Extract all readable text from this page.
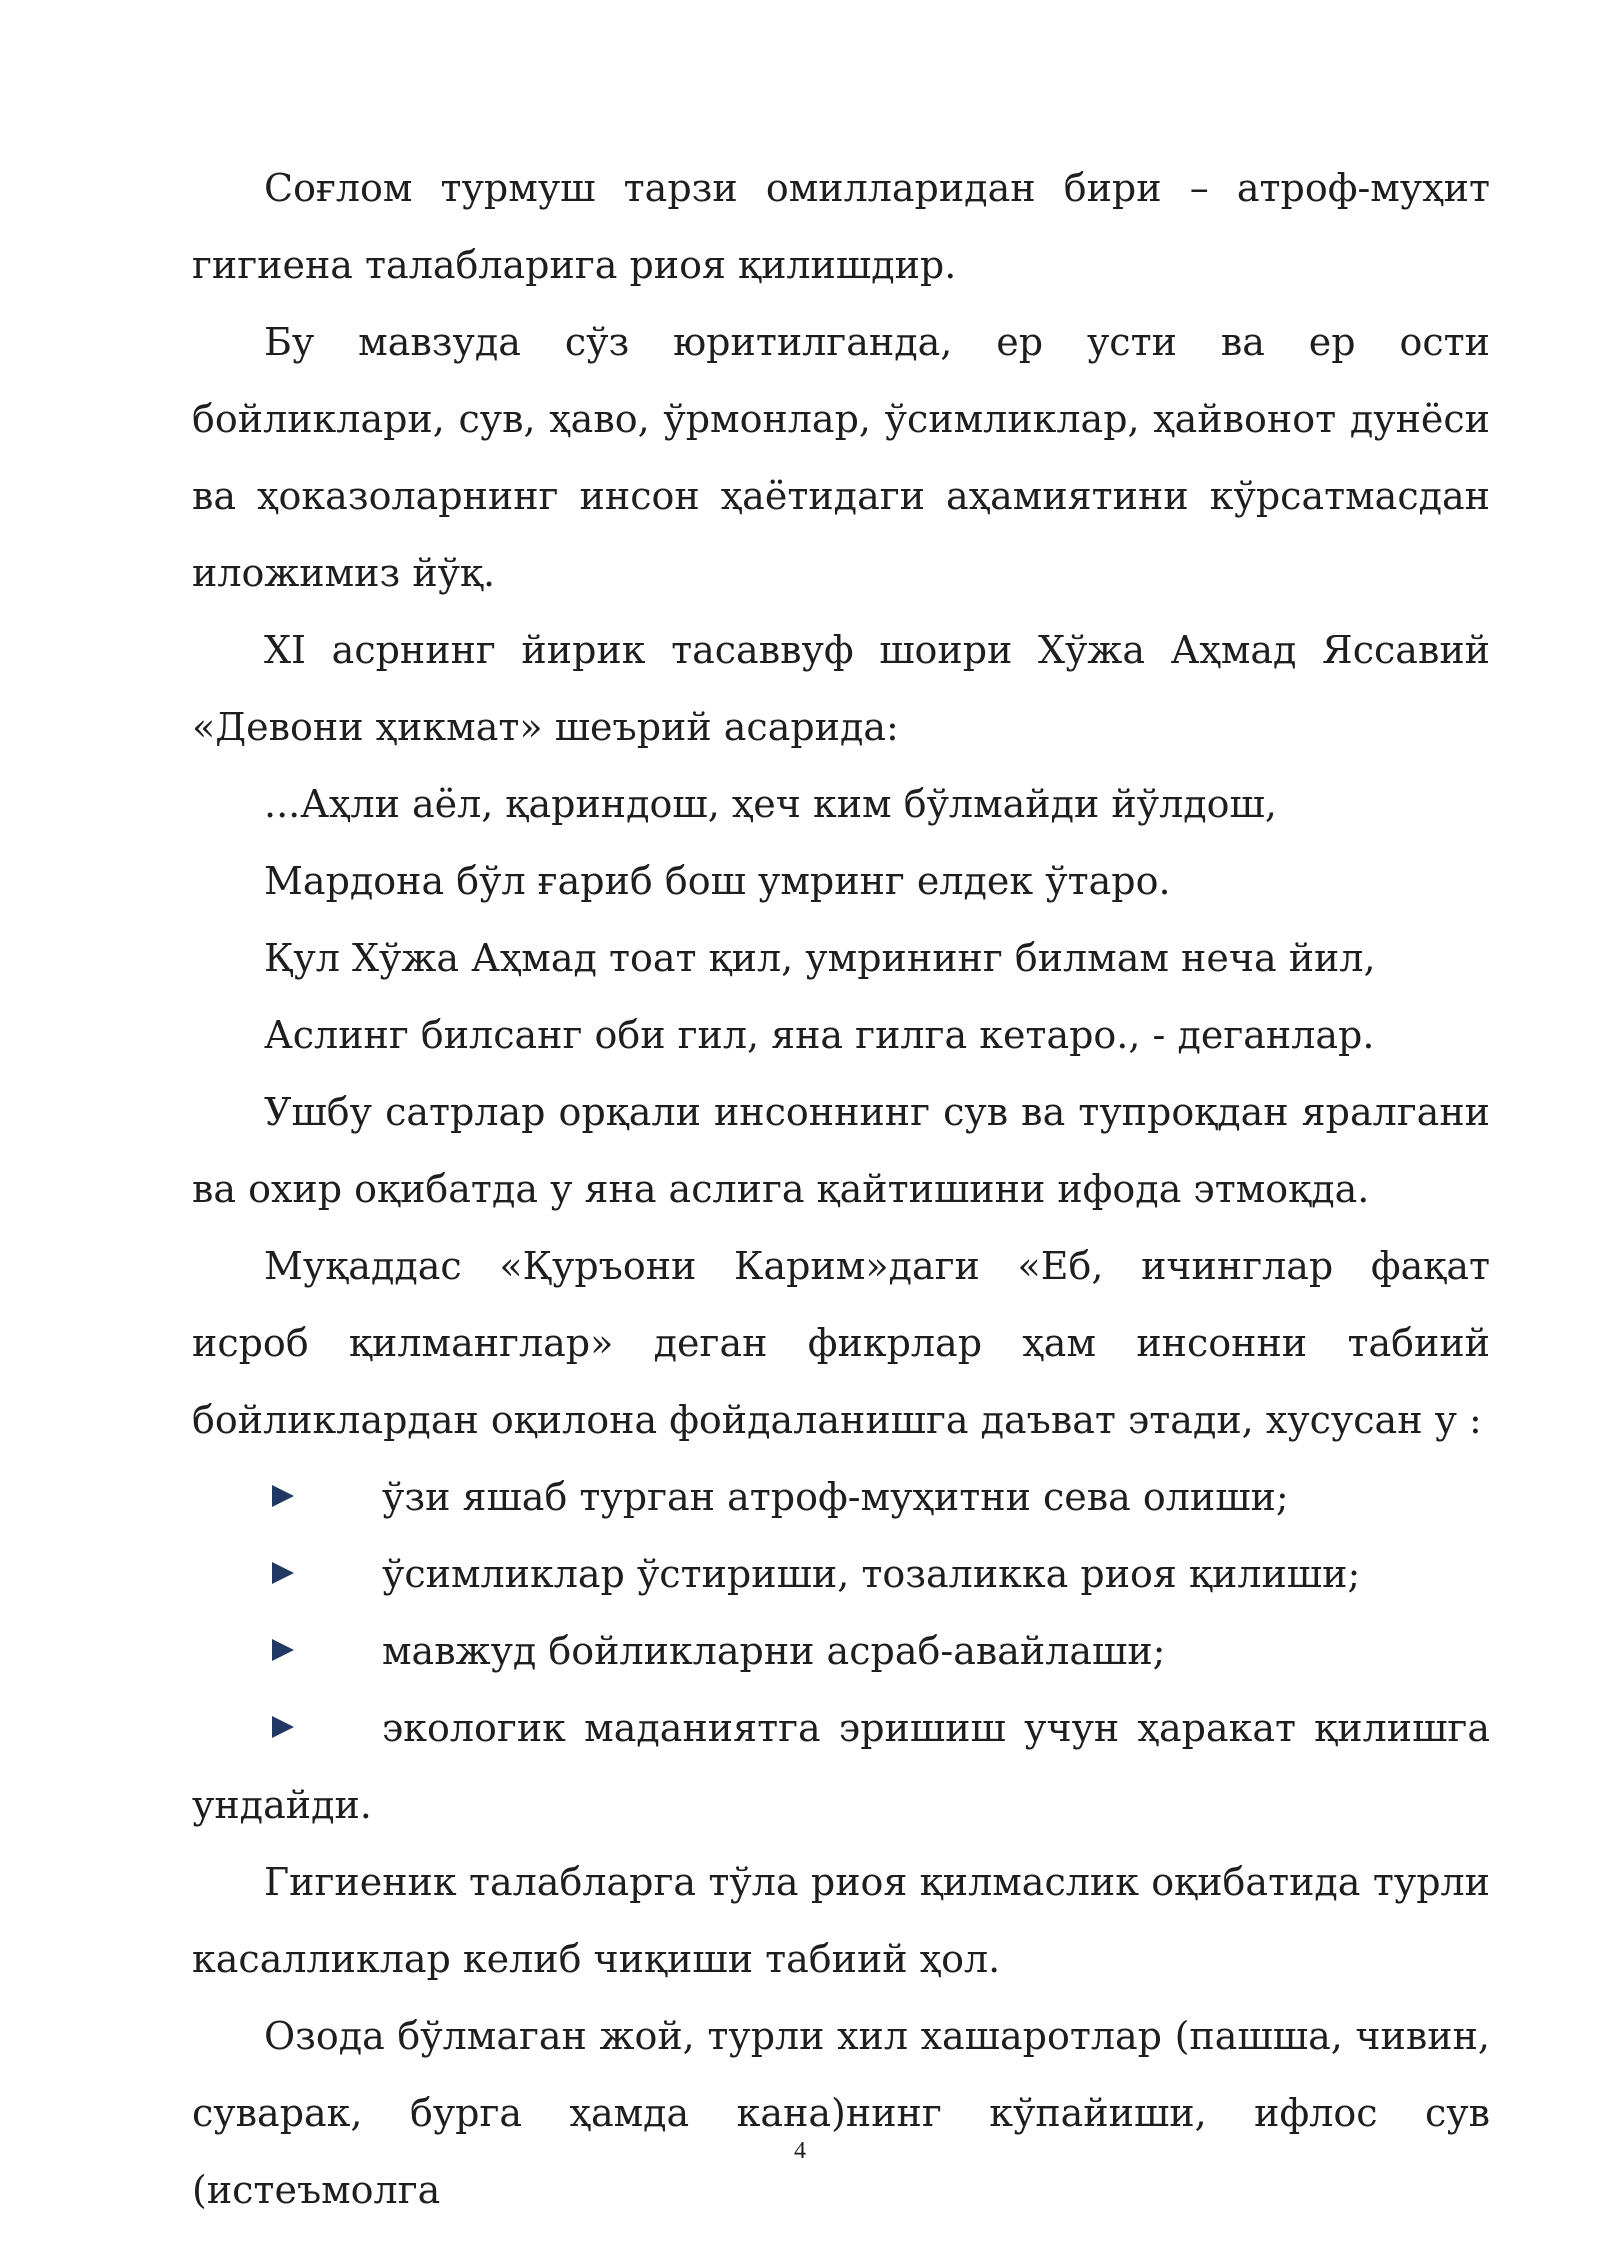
Соғлом турмуш тарзи омилларидан бири – атроф-муҳит гигиена талабларига риоя қилишдир.

Бу мавзуда сўз юритилганда, ер усти ва ер ости бойликлари, сув, ҳаво, ўрмонлар, ўсимликлар, ҳайвонот дунёси ва ҳоказоларнинг инсон ҳаётидаги аҳамиятини кўрсатмасдан иложимиз йўқ.

XI асрнинг йирик тасаввуф шоири Хўжа Аҳмад Яссавий «Девони ҳикмат» шеърий асарида:

...Аҳли аёл, қариндош, ҳеч ким бўлмайди йўлдош,

Мардона бўл ғариб бош умринг елдек ўтаро.

Қул Хўжа Аҳмад тоат қил, умрининг билмам неча йил,

Аслинг билсанг оби гил, яна гилга кетаро., - деганлар.

Ушбу сатрлар орқали инсоннинг сув ва тупроқдан яралгани ва охир оқибатда у яна аслига қайтишини ифода этмоқда.

Муқаддас «Қуръони Карим»даги «Еб, ичинглар фақат исроб қилманглар» деган фикрлар ҳам инсонни табиий бойликлардан оқилона фойдаланишга даъват этади, хусусан у :

ўзи яшаб турган атроф-муҳитни сева олиши;
ўсимликлар ўстириши, тозаликка риоя қилиши;
мавжуд бойликларни асраб-авайлаши;
экологик маданиятга эришиш учун ҳаракат қилишга ундайди.

Гигиеник талабларга тўла риоя қилмаслик оқибатида турли касалликлар келиб чиқиши табиий ҳол.

Озода бўлмаган жой, турли хил хашаротлар (пашша, чивин, суварак, бурга ҳамда кана)нинг кўпайиши, ифлос сув (истеъмолга

4
